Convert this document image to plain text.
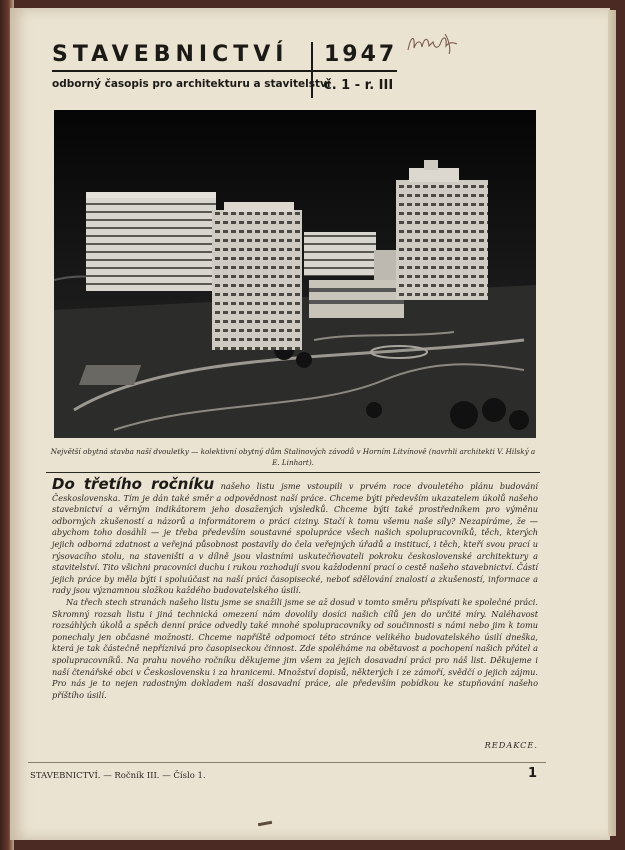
STAVEBNICTVÍ
odborný časopis pro architekturu a stavitelství
1947
č. 1 - r. III
Největší obytná stavba naší dvouletky — kolektivní obytný dům Stalinových závodů v Horním Litvínově (navrhli architekti V. Hilský a E. Linhart).

Do třetího ročníku našeho listu jsme vstoupili v prvém roce dvouletého plánu budování Československa. Tím je dán také směr a odpovědnost naší práce. Chceme býti především ukazatelem úkolů našeho stavebnictví a věrným indikátorem jeho dosažených výsledků. Chceme býti také prostředníkem pro výměnu odborných zkušeností a názorů a informátorem o práci ciziny. Stačí k tomu všemu naše síly? Nezapíráme, že — abychom toho dosáhli — je třeba především soustavné spolupráce všech našich spolupracovníků, těch, kterých jejich odborná zdatnost a veřejná působnost postavily do čela veřejných úřadů a institucí, i těch, kteří svou prací u rýsovacího stolu, na staveništi a v dílně jsou vlastními uskutečňovateli pokroku československé architektury a stavitelství. Tito všichni pracovníci duchu i rukou rozhodují svou každodenní prací o cestě našeho stavebnictví. Částí jejich práce by měla býti i spoluúčast na naší práci časopisecké, neboť sdělování znalostí a zkušeností, informace a rady jsou významnou složkou každého budovatelského úsilí.

Na třech stech stranách našeho listu jsme se snažili jsme se až dosud v tomto směru přispívati ke společné práci. Skromný rozsah listu i jiná technická omezení nám dovolily dosíci našich cílů jen do určité míry. Naléhavost rozsáhlých úkolů a spěch denní práce odvedly také mnohé spolupracovníky od součinnosti s námi nebo jim k tomu ponechaly jen občasné možnosti. Chceme napříště odpomoci této stránce velikého budovatelského úsilí dneška, která je tak částečně nepříznivá pro časopiseckou činnost. Zde spoléháme na obětavost a pochopení našich přátel a spolupracovníků. Na prahu nového ročníku děkujeme jim všem za jejich dosavadní práci pro náš list. Děkujeme i naší čtenářské obci v Československu i za hranicemi. Množství dopisů, některých i ze zámoří, svědčí o jejich zájmu. Pro nás je to nejen radostným dokladem naší dosavadní práce, ale především pobídkou ke stupňování našeho příštího úsilí.

REDAKCE.
STAVEBNICTVÍ. — Ročník III. — Číslo 1.	1
